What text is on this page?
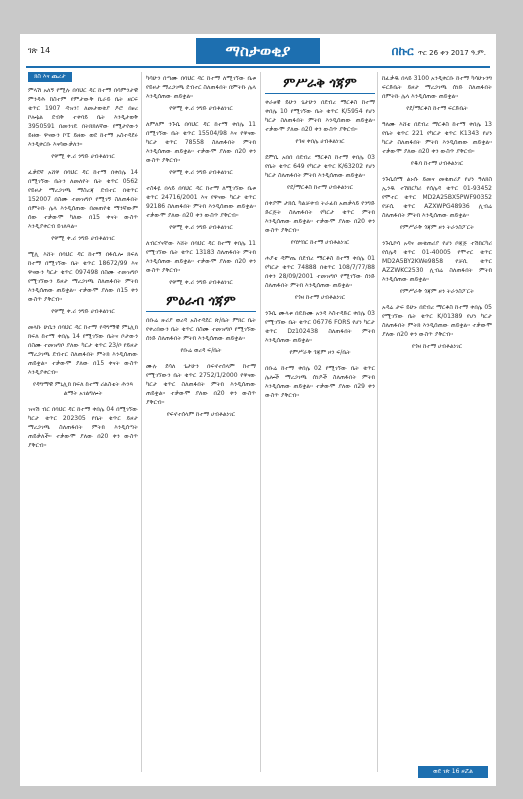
ገጽ 14	ማስታወቂያ	በኩር ጥር 26 ቀን 2017 ዓ.ም.
ክስ እና ጨረታ
ምላሽ አለኝ የሚሉ በባህር ዳር ከተማ በሳምንታዊ ምንዳሕ ከስተም የምታውቅ ኪራይ ቤት ዘርፍ ቁጥር 1907 ዳዝን፣ ለመታወቂያ ዶሮ በፀረ ኮሎኔል ደብቅ ተቀባይ ቤት እንዲታወቅ 3950591 በመንገዴ በትክክለኛው የሚታየውን ይዘው ዋናውን ኮፒ ይዘው ወደ ከተማ አስተዳደሩ እንዲቀርቡ እናሳውቃለን፡፡
የዋሚ ቀ.ሪ ንግድ ሀብቶልነገር
ፈቃደኛ አሸዋ በባህር ዳር ከተማ በቀበሌ 14 በሚገኘው ቤትን ለመለየት ቤት ቁጥር 0562 የይዞታ ማረጋገጫ ማስረጃ ደብተር በቁጥር 152007 በስሙ ተመዝግቦ የሚገኝ ስለጠፋበት በምትኩ ሌላ እንዲሰጠው በመጠየቁ ማንኛውም ሰው ተቃውሞ ካለው በ15 ቀናት ውስጥ እንዲያቀርብ ይገለጻል፡፡
የዋሚ ቀ.ሪ ንግድ ሀብቶልነገር
ሚሊ እሸት በባህር ዳር ከተማ በፋሲሎ ክፍለ ከተማ በሚገኘው ቤት ቁጥር 18672/99 እና ዋናውን ካርታ ቁጥር 097498 በስሙ ተመዝግቦ የሚገኘውን ይዞታ ማረጋገጫ ስለጠፋበት ምትክ እንዲሰጠው ጠይቋል፡፡ ተቃውሞ ያለው በ15 ቀን ውስጥ ያቅርብ፡፡
የዋሚ ቀ.ሪ ንግድ ሀብቶልነገር
መላኩ ሁሴን በባህር ዳር ከተማ የዳግማዊ ምኒሊክ ክፍለ ከተማ ቀበሌ 14 የሚገኘው ቤትና ቦታውን በስሙ ተመዝግቦ ያለው ካርታ ቁጥር 23/ቦ የይዞታ ማረጋገጫ ደብተር ስለጠፋበት ምትክ እንዲሰጠው ጠይቋል፡፡ ተቃውሞ ያለው በ15 ቀናት ውስጥ እንዲያቀርብ፡፡
የዳግማዊ ምኒሊክ ክፍለ ከተማ ሪልስቴት ሕንጻ ልማት አገልግሎት
ዝናሽ ብር በባህር ዳር ከተማ ቀበሌ 04 በሚገኘው ካርታ ቁጥር 202305 የቤት ቁጥር ይዞታ ማረጋገጫ ስለጠፋበት ምትክ እንዲሰጣት ጠይቃለች፡፡ ተቃውሞ ያለው በ20 ቀን ውስጥ ያቅርብ፡፡
ካሳሁን በጣሙ በባህር ዳር ከተማ ለሚገኘው ቤቱ የይዞታ ማረጋገጫ ደብተር ስለጠፋበት በምትኩ ሌላ እንዲሰጠው ጠይቋል፡፡
የዋሚ ቀ.ሪ ንግድ ሀብቶልነገር
ለምለም ንጉሴ በባህር ዳር ከተማ ቀበሌ 11 በሚገኘው ቤት ቁጥር 15504/98 እና የዋናው ካርታ ቁጥር 78558 ስለጠፋበት ምትክ እንዲሰጠው ጠይቋል፡፡ ተቃውሞ ያለው በ20 ቀን ውስጥ ያቅርብ፡፡
የዋሚ ቀ.ሪ ንግድ ሀብቶልነገር
ተስፋዬ በላይ በባህር ዳር ከተማ ለሚገኘው ቤቱ ቁጥር 24716/2001 እና የዋናው ካርታ ቁጥር 92186 ስለጠፋበት ምትክ እንዲሰጠው ጠይቋል፡፡ ተቃውሞ ያለው በ20 ቀን ውስጥ ያቅርብ፡፡
የዋሚ ቀ.ሪ ንግድ ሀብቶልነገር
ለብርሃናቸው እሸት በባህር ዳር ከተማ ቀበሌ 11 የሚገኘው ቤት ቁጥር 13183 ስለጠፋበት ምትክ እንዲሰጠው ጠይቋል፡፡ ተቃውሞ ያለው በ20 ቀን ውስጥ ያቅርብ፡፡
የዋሚ ቀ.ሪ ንግድ ሀብቶልነገር
ምዕራብ ጎጃም
በቡሬ ዙሪያ ወረዳ አስተዳደር ጽ/ቤት ምክር ቤት የቀረበውን ቤት ቁጥር በስሙ ተመዝግቦ የሚገኘው ሰነድ ስለጠፋበት ምትክ እንዲሰጠው ጠይቋል፡፡
የቡሬ ወረዳ ፍ/ቤት
ሙሉ ደሳለ ጌታሁን በፍኖተሰላም ከተማ የሚገኘውን ቤት ቁጥር 2752/1/2000 የዋናው ካርታ ቁጥር ስለጠፋበት ምትክ እንዲሰጠው ጠይቋል፡፡ ተቃውሞ ያለው በ20 ቀን ውስጥ ያቅርብ፡፡
የፍኖተሰላም ከተማ ሀብቶልነገር
ምሥራቅ ጎጃም
ቀራፀዊ ይሁን ጌታሁን በደብረ ማርቆስ ከተማ ቀበሌ 10 የሚገኘው ቤት ቁጥር K/5954 የሆነ ካርታ ስለጠፋበት ምትክ እንዲሰጠው ጠይቋል፡፡ ተቃውሞ ያለው በ20 ቀን ውስጥ ያቅርብ፡፡
የጎዛ ቀበሌ ሀብቶልነገር
ደምሴ አበበ በደብረ ማርቆስ ከተማ ቀበሌ 03 የቤት ቁጥር 649 የካርታ ቁጥር K/63202 የሆነ ካርታ ስለጠፋበት ምትክ እንዲሰጠው ጠይቋል፡፡
የደ/ማርቆስ ከተማ ሀብቶልነገር
በቀያሞ ታክሲ ካልቻቀብ ትራፊክ አጠቃላይ የንግድ ድርጅት ስለጠፋበት የካርታ ቁጥር ምትክ እንዲሰጠው ጠይቋል፡፡ ተቃውሞ ያለው በ20 ቀን ውስጥ ያቅርብ፡፡
የባሦበር ከተማ ሀብቶልነገር
ሐያቴ ዳምጤ በደብረ ማርቆስ ከተማ ቀበሌ 01 የካርታ ቁጥር 74888 በቁጥር 108/7/77/88 በቀን 28/09/2001 ተመዝግቦ የሚገኘው ሰነድ ስለጠፋበት ምትክ እንዲሰጠው ጠይቋል፡፡
የጎዛ ከተማ ሀብቶልነገር
ንጉሴ ሙላቱ በዴኩሙ አንዳ እስተዳድር ቀበሌ 03 የሚገኘው ቤት ቁጥር 06776 FORS የሆነ ካርታ ቁጥር Dz102438 ስለጠፋበት ምትክ እንዲሰጠው ጠይቋል፡፡
የምሥራቅ ጎጃም ዞን ፍ/ቤት
በቡሬ ከተማ ቀበሌ 02 የሚገኘው ቤት ቁጥር ሌሎች ማረጋገጫ ሰነዶች ስለጠፋበት ምትክ እንዲሰጠው ጠይቋል፡፡ ተቃውሞ ያለው በ29 ቀን ውስጥ ያቅርብ፡፡
ከፈቃዱ በላይ 3100 አንዲቀርቡ ከተማ ካሳሁኑንግ ፍርድቤት ይዞታ ማረጋገጫ ሰነድ ስለጠፋበት በምትኩ ሌላ እንዲሰጠው ጠይቋል፡፡
የደ/ማርቆስ ከተማ ፍርድቤት
ዓለሙ እሸቴ በደብረ ማርቆስ ከተማ ቀበሌ 13 የቤት ቁጥር 221 የካርታ ቁጥር K1343 የሆነ ካርታ ስለጠፋበት ምትክ እንዲሰጠው ጠይቋል፡፡ ተቃውሞ ያለው በ20 ቀን ውስጥ ያቅርብ፡፡
የዱባ ከተማ ሀብቶልነገር
ንጉሴሰማ ልኑሱ ይመና መቁጠሪያ የሆነ ዓለክስ ኢንዱ ተሽከርካሪ የሰሌዳ ቁጥር 01-93452 የሞተር ቁጥር MD2A25BX5PWF90352 የቻሲ ቁጥር AZXWPG48936 ሊብሬ ስለጠፋበት ምትክ እንዲሰጠው ጠይቋል፡፡
የምሥራቅ ጎጃም ዞን ትራንስፖርት
ንጉሴኮሳ አዳና መቁጠሪያ የሆነ ቦጃጅ ተሽከርካሪ የሰሌዳ ቁጥር 01-40005 የሞተር ቁጥር MD2A5BY2KWe9858 የቻሲ ቁጥር AZZWKC2530 ሊብሬ ስለጠፋበት ምትክ እንዲሰጠው ጠይቋል፡፡
የምሥራቅ ጎጃም ዞን ትራንስፖርት
አዳሬ ታፍ ይሁኑ በደብረ ማርቆስ ከተማ ቀበሌ 05 የሚገኘው ቤት ቁጥር K/01389 የሆነ ካርታ ስለጠፋበት ምትክ እንዲሰጠው ጠይቋል፡፡ ተቃውሞ ያለው በ20 ቀን ውስጥ ያቅርብ፡፡
የጎዛ ከተማ ሀብቶልነገር
ወደ ገጽ 16 ዞሯል
